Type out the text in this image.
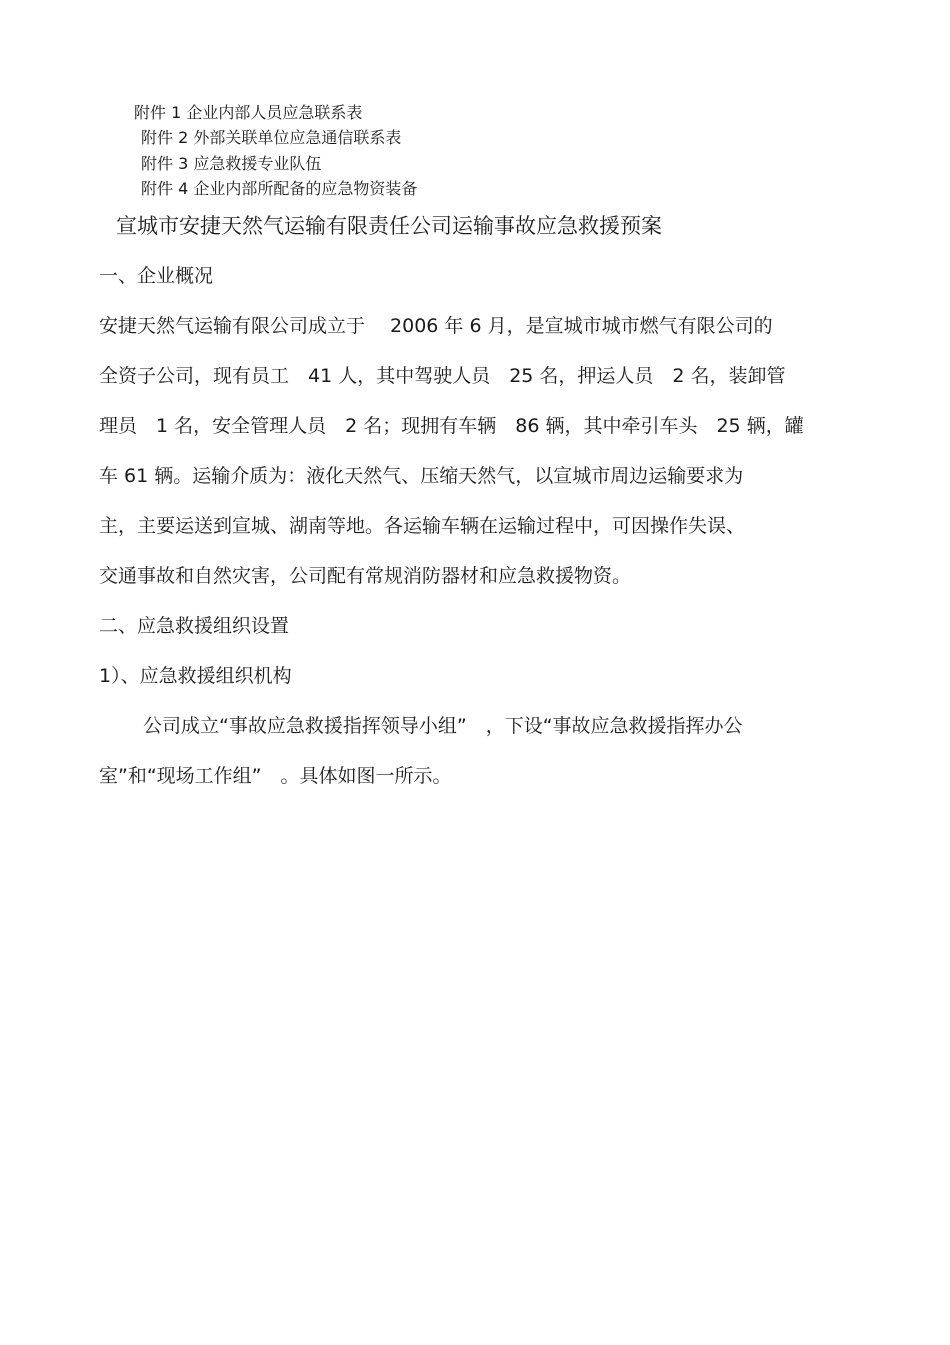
附件 1 企业内部人员应急联系表
附件 2 外部关联单位应急通信联系表
附件 3 应急救援专业队伍
附件 4 企业内部所配备的应急物资装备
宣城市安捷天然气运输有限责任公司运输事故应急救援预案
一、企业概况
安捷天然气运输有限公司成立于　 2006 年 6 月，是宣城市城市燃气有限公司的
全资子公司，现有员工　41 人，其中驾驶人员　25 名，押运人员　2 名，装卸管
理员　1 名，安全管理人员　2 名；现拥有车辆　86 辆，其中牵引车头　25 辆，罐
车 61 辆。运输介质为：液化天然气、压缩天然气，以宣城市周边运输要求为
主，主要运送到宣城、湖南等地。各运输车辆在运输过程中，可因操作失误、
交通事故和自然灾害，公司配有常规消防器材和应急救援物资。
二、应急救援组织设置
1）、应急救援组织机构
公司成立“事故应急救援指挥领导小组”　，下设“事故应急救援指挥办公
室”和“现场工作组”　。具体如图一所示。
